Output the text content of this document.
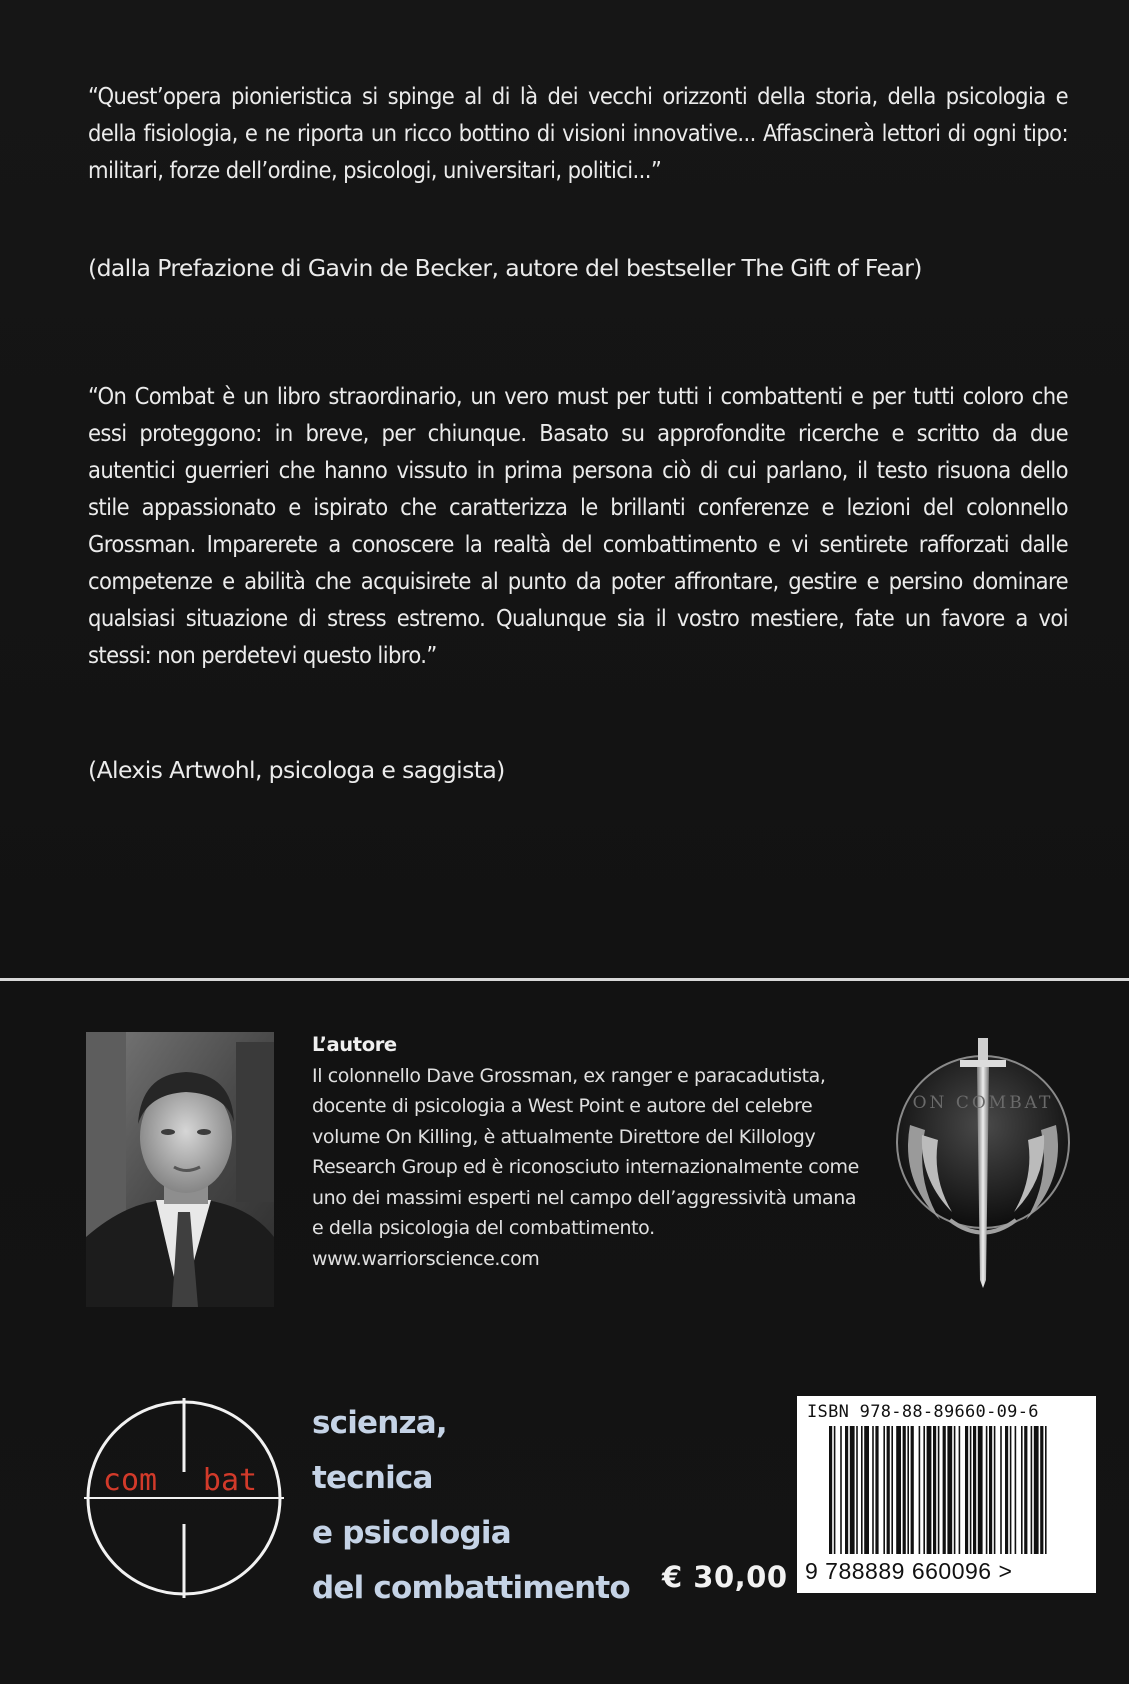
“Quest’opera pionieristica si spinge al di là dei vecchi orizzonti della storia, della psicologia e della fisiologia, e ne riporta un ricco bottino di visioni innovative... Affascinerà lettori di ogni tipo: militari, forze dell’ordine, psicologi, universitari, politici...”
(dalla Prefazione di Gavin de Becker, autore del bestseller The Gift of Fear)
“On Combat è un libro straordinario, un vero must per tutti i combattenti e per tutti coloro che essi proteggono: in breve, per chiunque. Basato su approfondite ricerche e scritto da due autentici guerrieri che hanno vissuto in prima persona ciò di cui parlano, il testo risuona dello stile appassionato e ispirato che caratterizza le brillanti conferenze e lezioni del colonnello Grossman. Imparerete a conoscere la realtà del combattimento e vi sentirete rafforzati dalle competenze e abilità che acquisirete al punto da poter affrontare, gestire e persino dominare qualsiasi situazione di stress estremo. Qualunque sia il vostro mestiere, fate un favore a voi stessi: non perdetevi questo libro.”
(Alexis Artwohl, psicologa e saggista)
L’autore
Il colonnello Dave Grossman, ex ranger e paracadutista, docente di psicologia a West Point e autore del celebre volume On Killing, è attualmente Direttore del Killology Research Group ed è riconosciuto internazionalmente come uno dei massimi esperti nel campo dell’aggressività umana e della psicologia del combattimento.
www.warriorscience.com
ON COMBAT
com bat
scienza,
tecnica
e psicologia
del combattimento € 30,00
ISBN 978-88-89660-09-6
9 788889 660096 >
